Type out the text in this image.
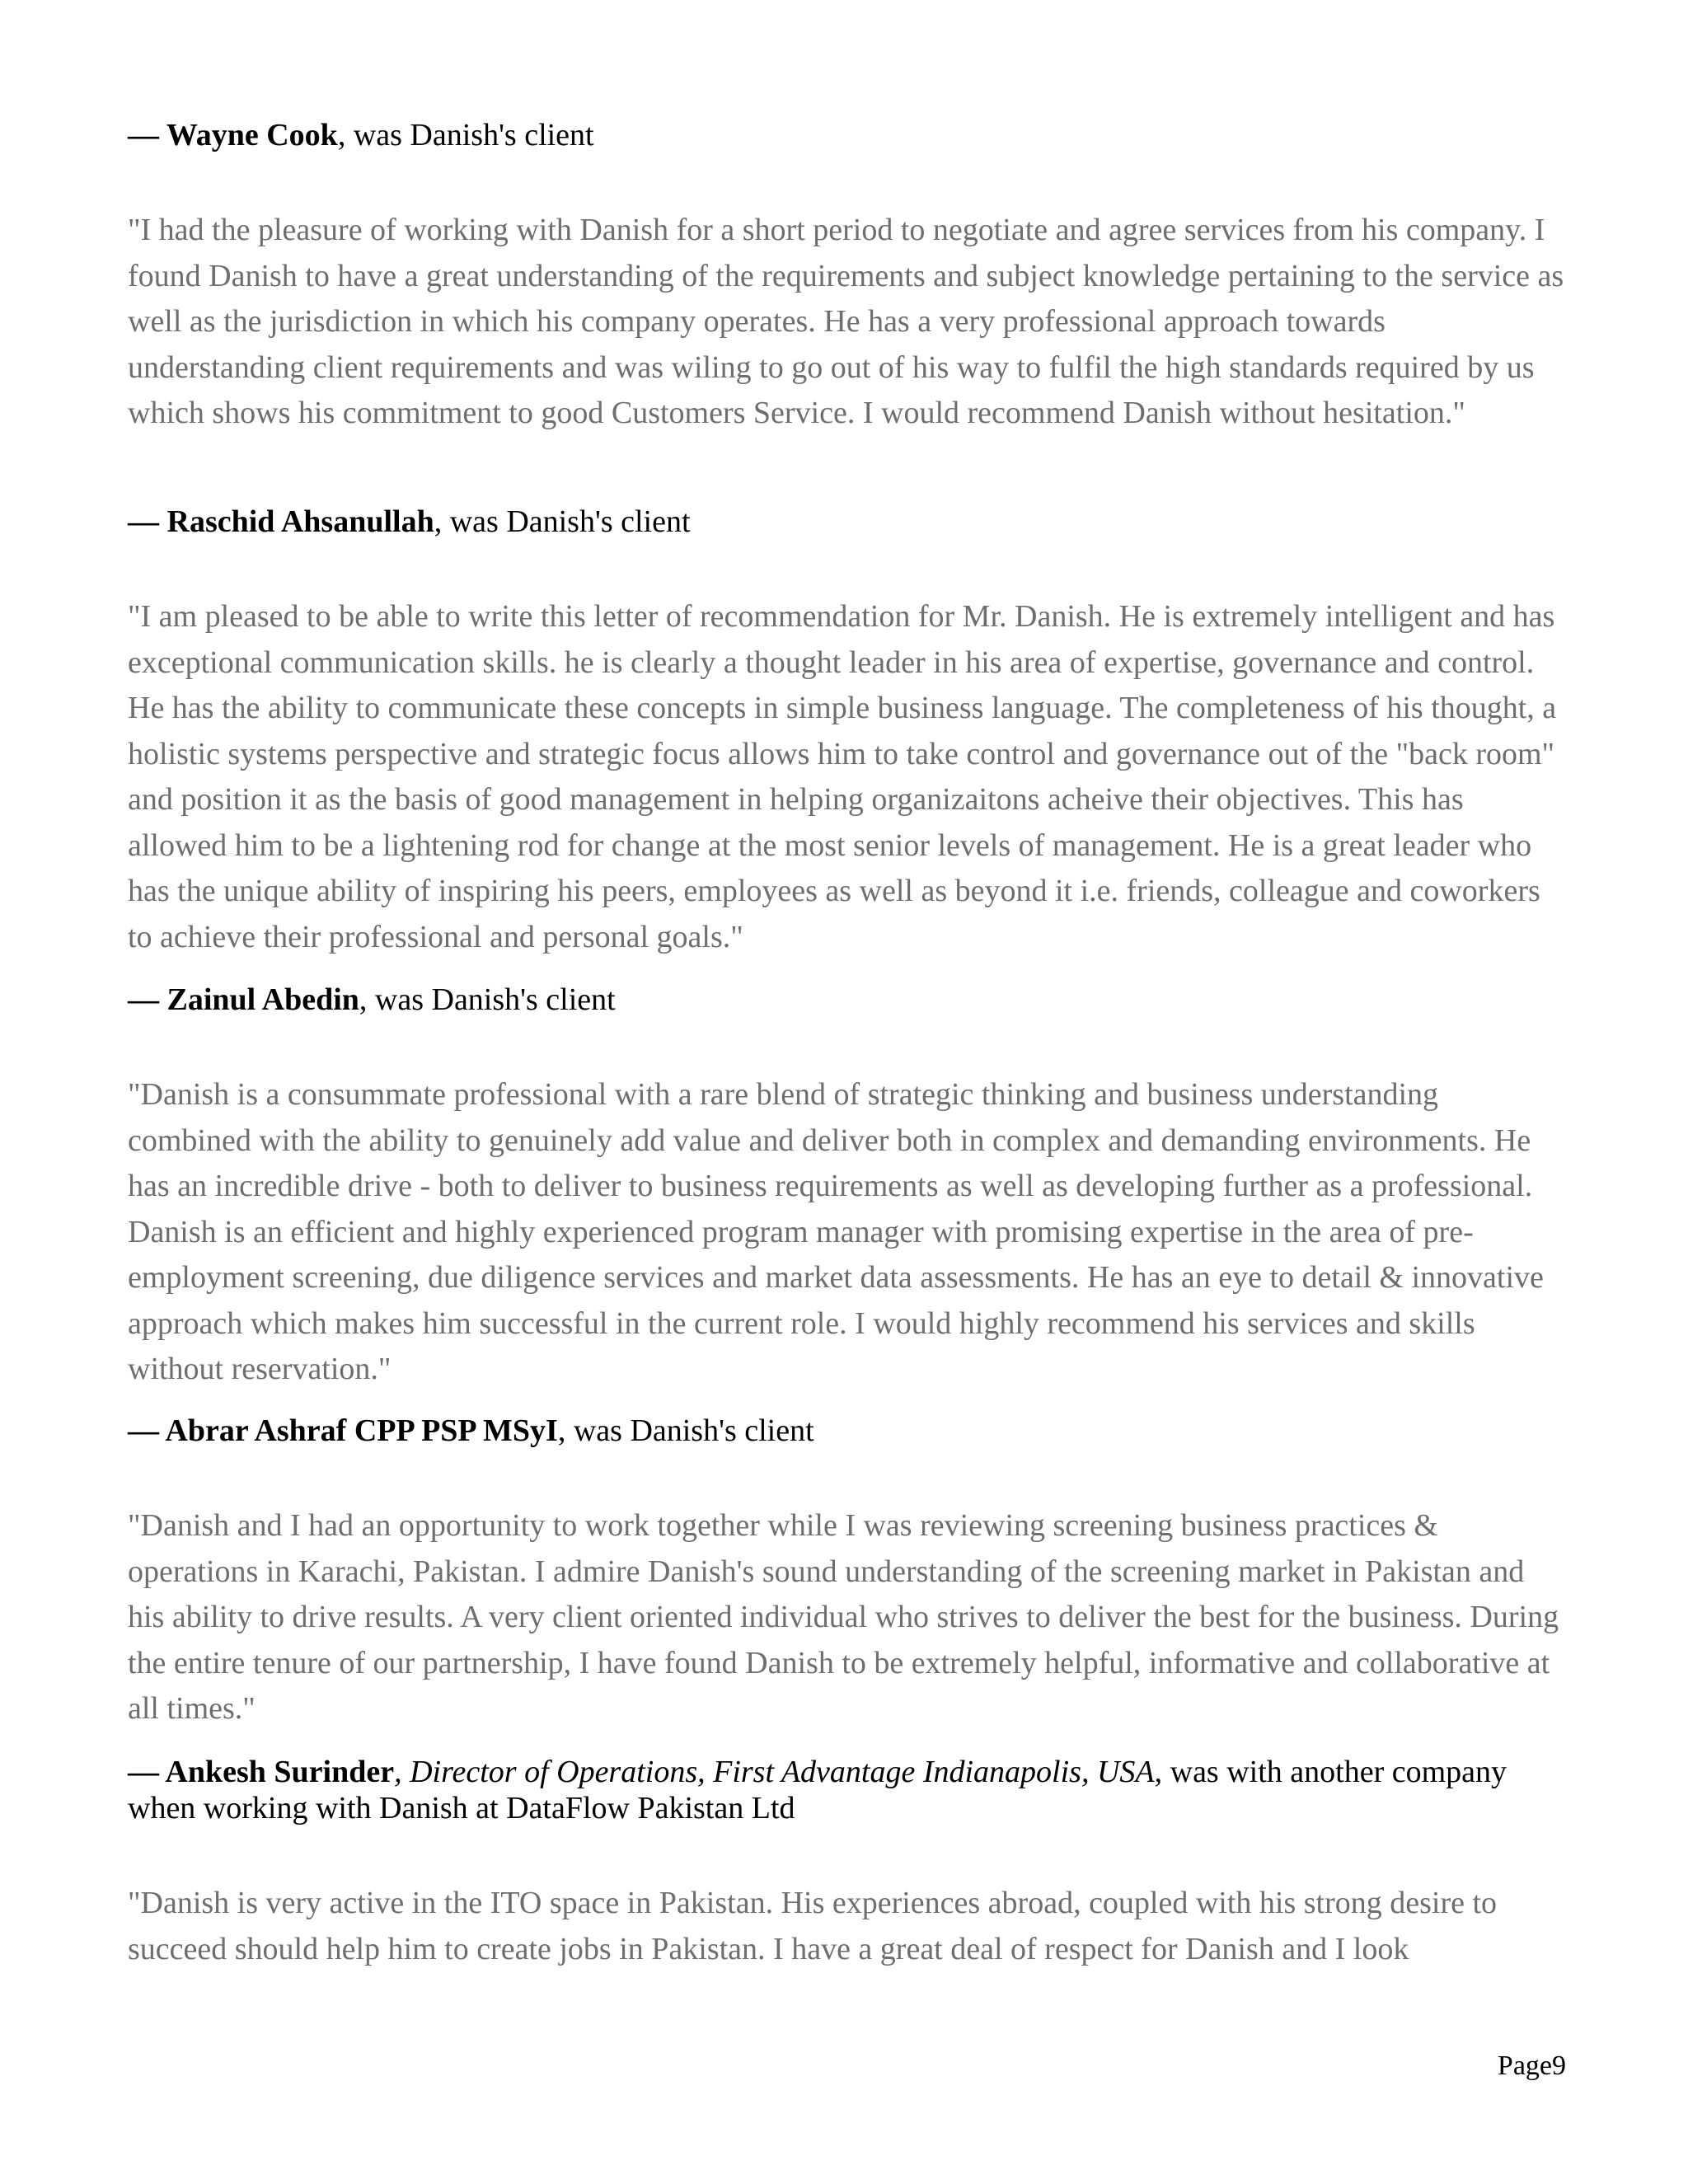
— Wayne Cook, was Danish's client

"I had the pleasure of working with Danish for a short period to negotiate and agree services from his company. I found Danish to have a great understanding of the requirements and subject knowledge pertaining to the service as well as the jurisdiction in which his company operates. He has a very professional approach towards understanding client requirements and was wiling to go out of his way to fulfil the high standards required by us which shows his commitment to good Customers Service. I would recommend Danish without hesitation."

— Raschid Ahsanullah, was Danish's client

"I am pleased to be able to write this letter of recommendation for Mr. Danish. He is extremely intelligent and has exceptional communication skills. he is clearly a thought leader in his area of expertise, governance and control. He has the ability to communicate these concepts in simple business language. The completeness of his thought, a holistic systems perspective and strategic focus allows him to take control and governance out of the "back room" and position it as the basis of good management in helping organizaitons acheive their objectives. This has allowed him to be a lightening rod for change at the most senior levels of management. He is a great leader who has the unique ability of inspiring his peers, employees as well as beyond it i.e. friends, colleague and coworkers to achieve their professional and personal goals."

— Zainul Abedin, was Danish's client

"Danish is a consummate professional with a rare blend of strategic thinking and business understanding combined with the ability to genuinely add value and deliver both in complex and demanding environments. He has an incredible drive - both to deliver to business requirements as well as developing further as a professional. Danish is an efficient and highly experienced program manager with promising expertise in the area of pre-employment screening, due diligence services and market data assessments. He has an eye to detail & innovative approach which makes him successful in the current role. I would highly recommend his services and skills without reservation."

— Abrar Ashraf CPP PSP MSyI, was Danish's client

"Danish and I had an opportunity to work together while I was reviewing screening business practices & operations in Karachi, Pakistan. I admire Danish's sound understanding of the screening market in Pakistan and his ability to drive results. A very client oriented individual who strives to deliver the best for the business. During the entire tenure of our partnership, I have found Danish to be extremely helpful, informative and collaborative at all times."

— Ankesh Surinder, Director of Operations, First Advantage Indianapolis, USA, was with another company when working with Danish at DataFlow Pakistan Ltd

"Danish is very active in the ITO space in Pakistan. His experiences abroad, coupled with his strong desire to succeed should help him to create jobs in Pakistan. I have a great deal of respect for Danish and I look

Page9
